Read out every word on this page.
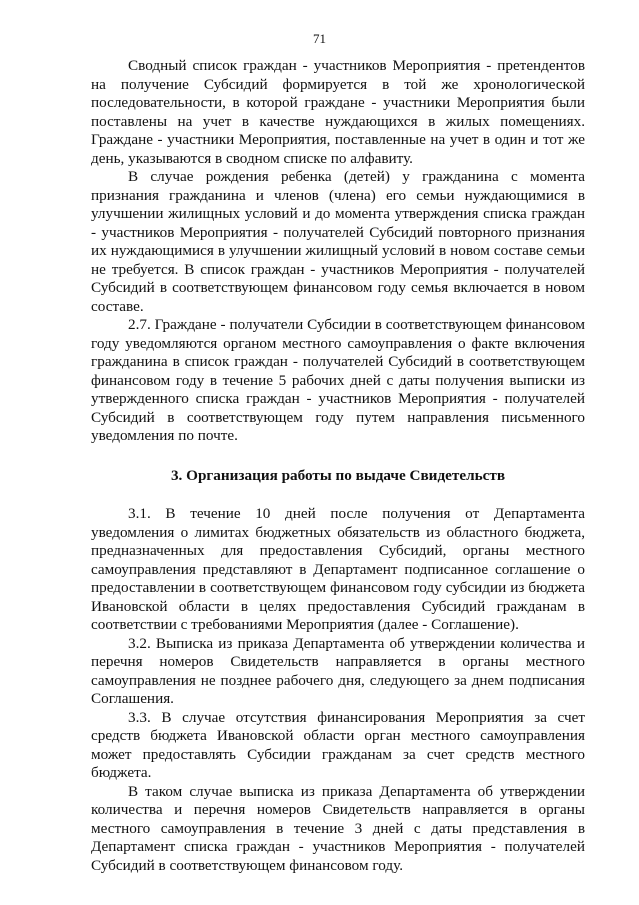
71

Сводный список граждан - участников Мероприятия - претендентов на получение Субсидий формируется в той же хронологической последовательности, в которой граждане - участники Мероприятия были поставлены на учет в качестве нуждающихся в жилых помещениях. Граждане - участники Мероприятия, поставленные на учет в один и тот же день, указываются в сводном списке по алфавиту.

В случае рождения ребенка (детей) у гражданина с момента признания гражданина и членов (члена) его семьи нуждающимися в улучшении жилищных условий и до момента утверждения списка граждан - участников Мероприятия - получателей Субсидий повторного признания их нуждающимися в улучшении жилищный условий в новом составе семьи не требуется. В список граждан - участников Мероприятия - получателей Субсидий в соответствующем финансовом году семья включается в новом составе.

2.7. Граждане - получатели Субсидии в соответствующем финансовом году уведомляются органом местного самоуправления о факте включения гражданина в список граждан - получателей Субсидий в соответствующем финансовом году в течение 5 рабочих дней с даты получения выписки из утвержденного списка граждан - участников Мероприятия - получателей Субсидий в соответствующем году путем направления письменного уведомления по почте.

3. Организация работы по выдаче Свидетельств

3.1. В течение 10 дней после получения от Департамента уведомления о лимитах бюджетных обязательств из областного бюджета, предназначенных для предоставления Субсидий, органы местного самоуправления представляют в Департамент подписанное соглашение о предоставлении в соответствующем финансовом году субсидии из бюджета Ивановской области в целях предоставления Субсидий гражданам в соответствии с требованиями Мероприятия (далее - Соглашение).

3.2. Выписка из приказа Департамента об утверждении количества и перечня номеров Свидетельств направляется в органы местного самоуправления не позднее рабочего дня, следующего за днем подписания Соглашения.

3.3. В случае отсутствия финансирования Мероприятия за счет средств бюджета Ивановской области орган местного самоуправления может предоставлять Субсидии гражданам за счет средств местного бюджета.

В таком случае выписка из приказа Департамента об утверждении количества и перечня номеров Свидетельств направляется в органы местного самоуправления в течение 3 дней с даты представления в Департамент списка граждан - участников Мероприятия - получателей Субсидий в соответствующем финансовом году.
